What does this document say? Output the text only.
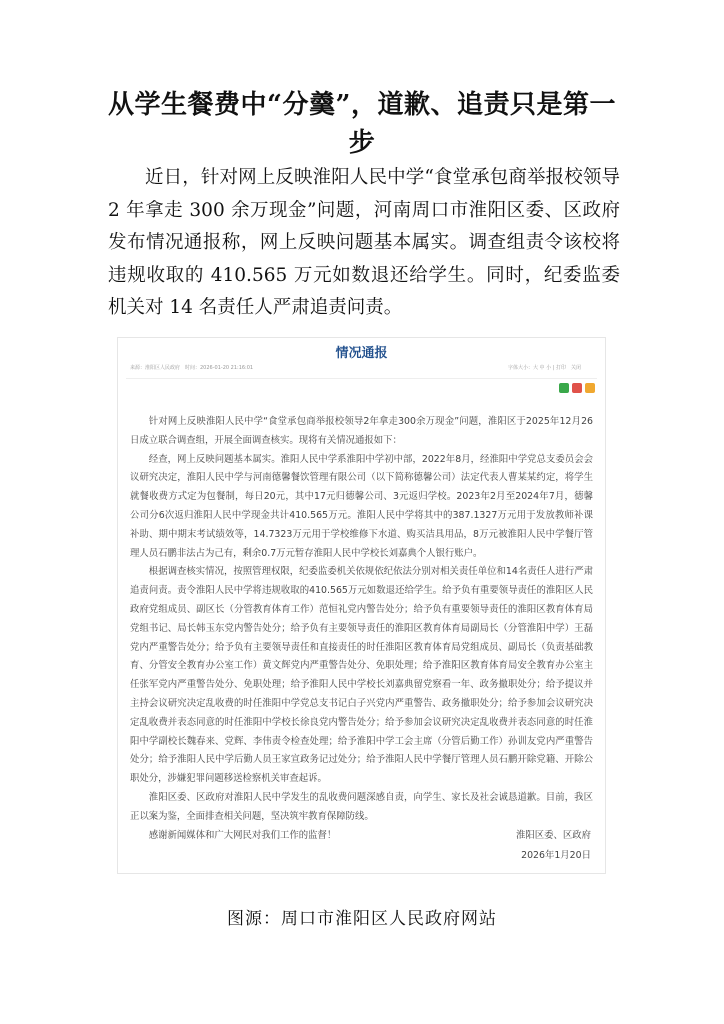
从学生餐费中“分羹”，道歉、追责只是第一步

近日，针对网上反映淮阳人民中学“食堂承包商举报校领导 2 年拿走 300 余万现金”问题，河南周口市淮阳区委、区政府发布情况通报称，网上反映问题基本属实。调查组责令该校将违规收取的 410.565 万元如数退还给学生。同时，纪委监委机关对 14 名责任人严肃追责问责。

情况通报
来源：淮阳区人民政府　时间：2026-01-20 21:16:01	字体大小：大 中 小 | 打印　关闭

针对网上反映淮阳人民中学“食堂承包商举报校领导2年拿走300余万现金”问题，淮阳区于2025年12月26日成立联合调查组，开展全面调查核实。现将有关情况通报如下：

经查，网上反映问题基本属实。淮阳人民中学系淮阳中学初中部，2022年8月，经淮阳中学党总支委员会会议研究决定，淮阳人民中学与河南德馨餐饮管理有限公司（以下简称德馨公司）法定代表人曹某某约定，将学生就餐收费方式定为包餐制，每日20元，其中17元归德馨公司、3元返归学校。2023年2月至2024年7月，德馨公司分6次返归淮阳人民中学现金共计410.565万元。淮阳人民中学将其中的387.1327万元用于发放教师补课补助、期中期末考试绩效等，14.7323万元用于学校维修下水道、购买洁具用品，8万元被淮阳人民中学餐厅管理人员石鹏非法占为己有，剩余0.7万元暂存淮阳人民中学校长刘嘉典个人银行账户。

根据调查核实情况，按照管理权限，纪委监委机关依规依纪依法分别对相关责任单位和14名责任人进行严肃追责问责。责令淮阳人民中学将违规收取的410.565万元如数退还给学生。给予负有重要领导责任的淮阳区人民政府党组成员、副区长（分管教育体育工作）范恒礼党内警告处分；给予负有重要领导责任的淮阳区教育体育局党组书记、局长韩玉东党内警告处分；给予负有主要领导责任的淮阳区教育体育局副局长（分管淮阳中学）王磊党内严重警告处分；给予负有主要领导责任和直接责任的时任淮阳区教育体育局党组成员、副局长（负责基础教育、分管安全教育办公室工作）黄文辉党内严重警告处分、免职处理；给予淮阳区教育体育局安全教育办公室主任张军党内严重警告处分、免职处理；给予淮阳人民中学校长刘嘉典留党察看一年、政务撤职处分；给予提议并主持会议研究决定乱收费的时任淮阳中学党总支书记白子兴党内严重警告、政务撤职处分；给予参加会议研究决定乱收费并表态同意的时任淮阳中学校长徐良党内警告处分；给予参加会议研究决定乱收费并表态同意的时任淮阳中学副校长魏春来、党辉、李伟责令检查处理；给予淮阳中学工会主席（分管后勤工作）孙训友党内严重警告处分；给予淮阳人民中学后勤人员王家宣政务记过处分；给予淮阳人民中学餐厅管理人员石鹏开除党籍、开除公职处分，涉嫌犯罪问题移送检察机关审查起诉。

淮阳区委、区政府对淮阳人民中学发生的乱收费问题深感自责，向学生、家长及社会诚恳道歉。目前，我区正以案为鉴，全面排查相关问题，坚决筑牢教育保障防线。

感谢新闻媒体和广大网民对我们工作的监督！	淮阳区委、区政府
2026年1月20日
图源：周口市淮阳区人民政府网站
